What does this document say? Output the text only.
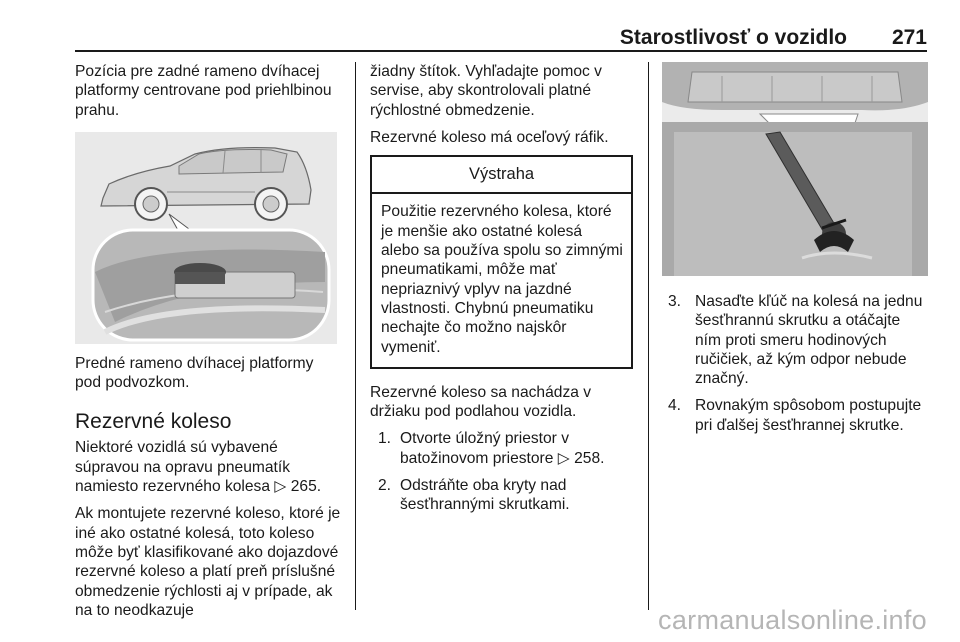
Starostlivosť o vozidlo 271

Pozícia pre zadné rameno dvíhacej platformy centrovane pod priehlbinou prahu.

Predné rameno dvíhacej platformy pod podvozkom.

Rezervné koleso

Niektoré vozidlá sú vybavené súpravou na opravu pneumatík namiesto rezervného kolesa ▷ 265.

Ak montujete rezervné koleso, ktoré je iné ako ostatné kolesá, toto koleso môže byť klasifikované ako dojazdové rezervné koleso a platí preň príslušné obmedzenie rýchlosti aj v prípade, ak na to neodkazuje

žiadny štítok. Vyhľadajte pomoc v servise, aby skontrolovali platné rýchlostné obmedzenie.

Rezervné koleso má oceľový ráfik.

Výstraha
Použitie rezervného kolesa, ktoré je menšie ako ostatné kolesá alebo sa používa spolu so zimnými pneumatikami, môže mať nepriaznivý vplyv na jazdné vlastnosti. Chybnú pneumatiku nechajte čo možno najskôr vymeniť.

Rezervné koleso sa nachádza v držiaku pod podlahou vozidla.

1. Otvorte úložný priestor v batožinovom priestore ▷ 258.
2. Odstráňte oba kryty nad šesťhrannými skrutkami.
3. Nasaďte kľúč na kolesá na jednu šesťhrannú skrutku a otáčajte ním proti smeru hodinových ručičiek, až kým odpor nebude značný.
4. Rovnakým spôsobom postupujte pri ďalšej šesťhrannej skrutke.
carmanualsonline.info
